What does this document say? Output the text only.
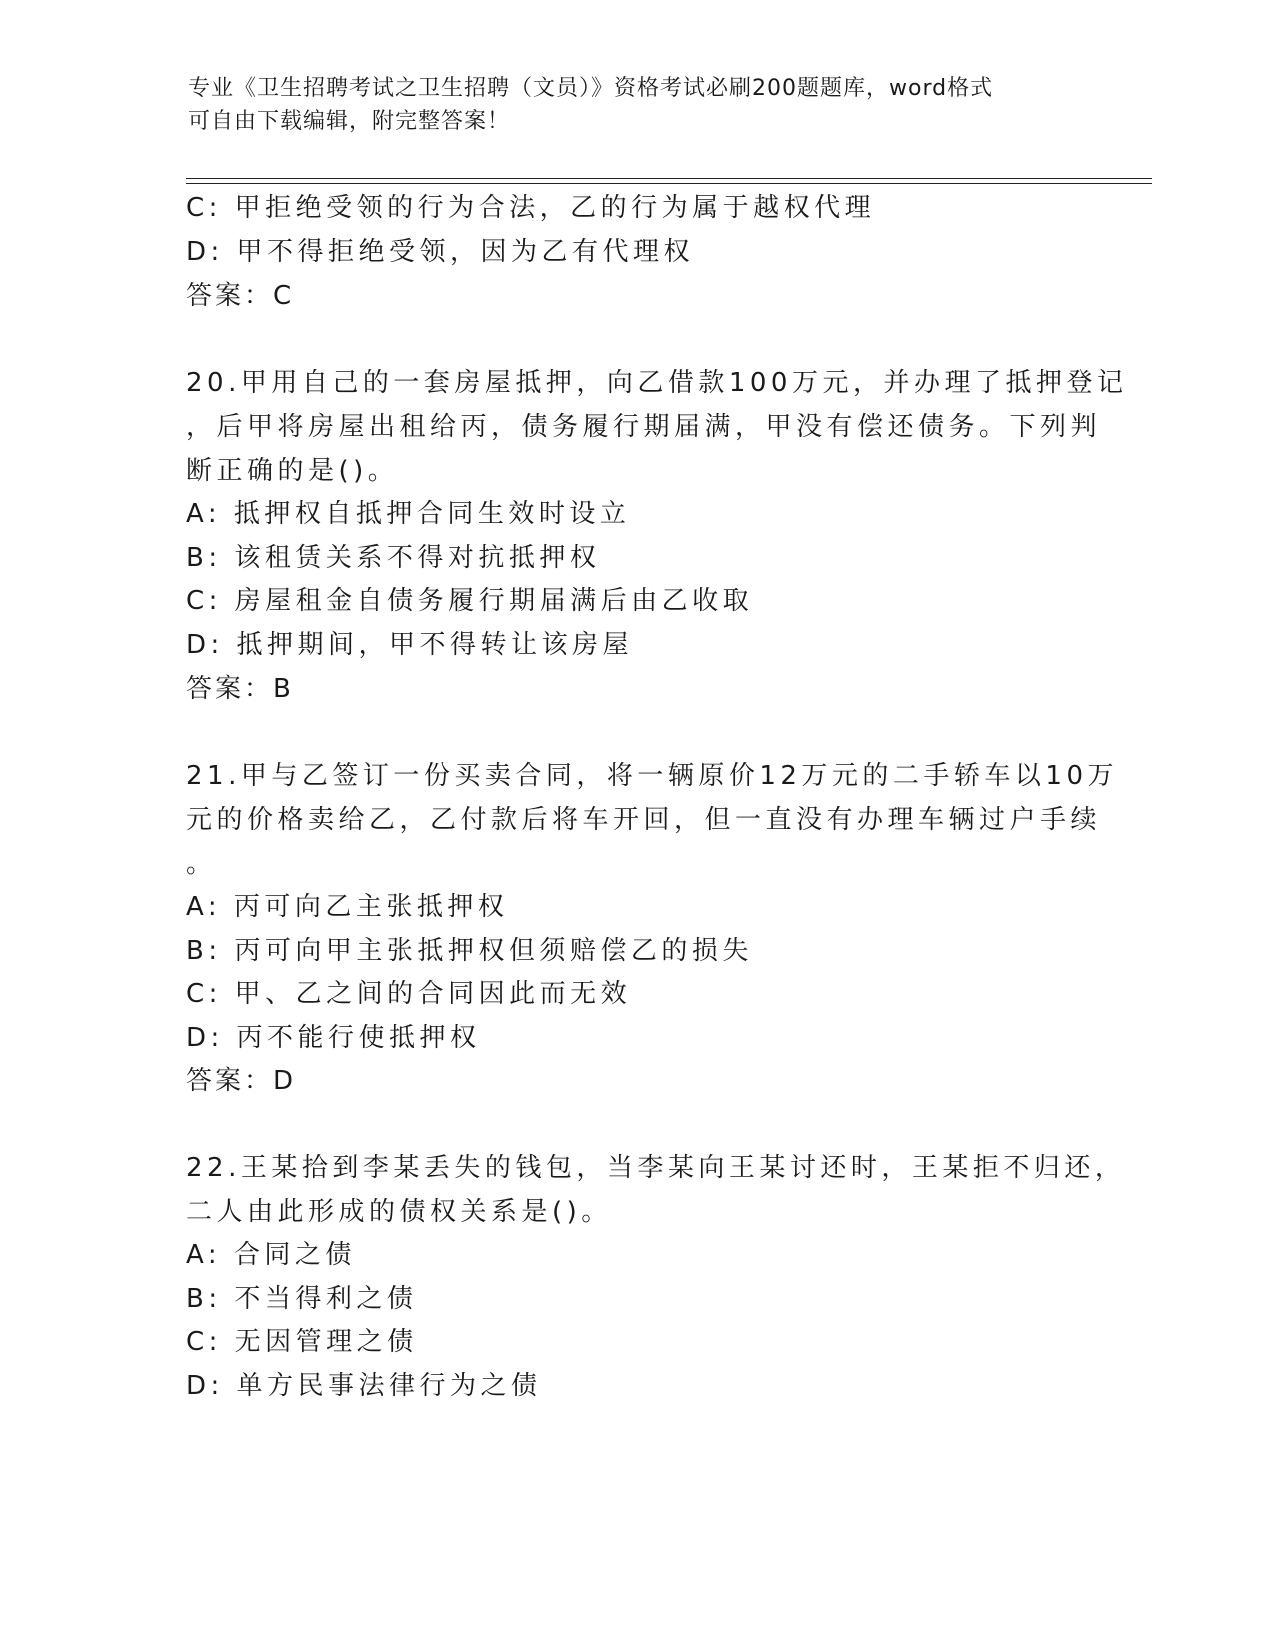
专业《卫生招聘考试之卫生招聘（文员）》资格考试必刷200题题库，word格式
可自由下载编辑，附完整答案！
C: 甲拒绝受领的行为合法，乙的行为属于越权代理
D: 甲不得拒绝受领，因为乙有代理权
答案：C
20.甲用自己的一套房屋抵押，向乙借款100万元，并办理了抵押登记
，后甲将房屋出租给丙，债务履行期届满，甲没有偿还债务。下列判
断正确的是()。
A: 抵押权自抵押合同生效时设立
B: 该租赁关系不得对抗抵押权
C: 房屋租金自债务履行期届满后由乙收取
D: 抵押期间，甲不得转让该房屋
答案：B
21.甲与乙签订一份买卖合同，将一辆原价12万元的二手轿车以10万
元的价格卖给乙，乙付款后将车开回，但一直没有办理车辆过户手续
。
A: 丙可向乙主张抵押权
B: 丙可向甲主张抵押权但须赔偿乙的损失
C: 甲、乙之间的合同因此而无效
D: 丙不能行使抵押权
答案：D
22.王某拾到李某丢失的钱包，当李某向王某讨还时，王某拒不归还，
二人由此形成的债权关系是()。
A: 合同之债
B: 不当得利之债
C: 无因管理之债
D: 单方民事法律行为之债
